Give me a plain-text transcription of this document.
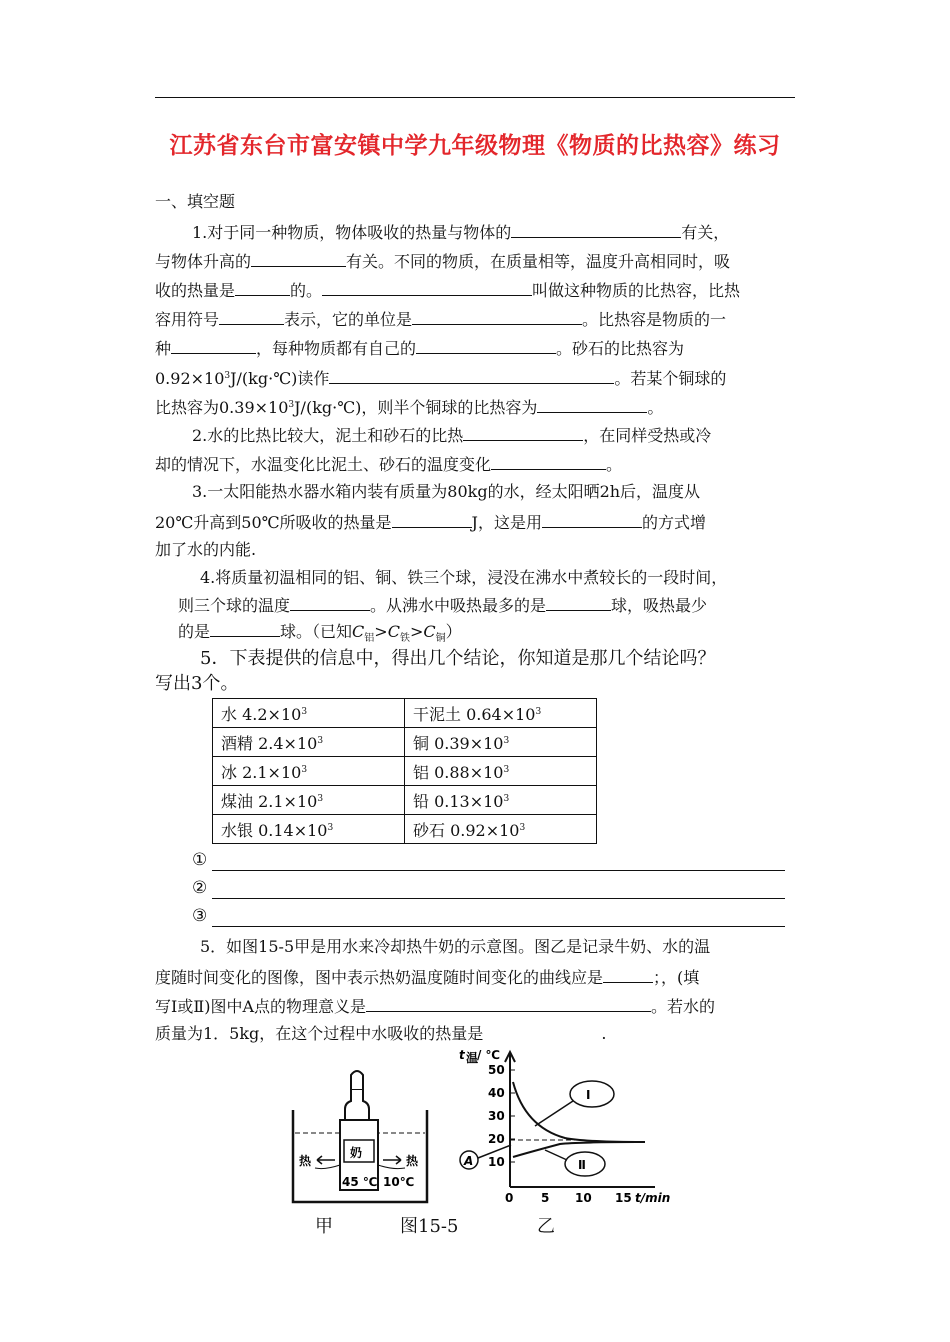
江苏省东台市富安镇中学九年级物理《物质的比热容》练习
一、填空题
1.对于同一种物质，物体吸收的热量与物体的	有关，
与物体升高的	有关。不同的物质，在质量相等，温度升高相同时，吸
收的热量是	的。	叫做这种物质的比热容，比热
容用符号	表示，它的单位是	。比热容是物质的一
种	，每种物质都有自己的	。砂石的比热容为
$0.92\times 10^3J/(kg\cdot℃)$读作	。若某个铜球的
比热容为$0.39\times 10^3J/(kg\cdot℃)$，则半个铜球的比热容为	。
2.水的比热比较大，泥土和砂石的比热	，在同样受热或冷
却的情况下，水温变化比泥土、砂石的温度变化	。
3.一太阳能热水器水箱内装有质量为80kg的水，经太阳晒2h后，温度从
20℃升高到50℃所吸收的热量是	J，这是用	的方式增
加了水的内能.
4.将质量初温相同的铝、铜、铁三个球，浸没在沸水中煮较长的一段时间，
则三个球的温度	。从沸水中吸热最多的是	球，吸热最少
的是	球。（已知$C_铝>C_铁>C_铜$）
5．下表提供的信息中，得出几个结论，你知道是那几个结论吗？
写出3个。
水 $4.2\times 10^3$	干泥土 $0.64\times 10^3$
酒精 $2.4\times 10^3$	铜 $0.39\times 10^3$
冰 $2.1\times 10^3$	铝 $0.88\times 10^3$
煤油 $2.1\times 10^3$	铅 $0.13\times 10^3$
水银 $0.14\times 10^3$	砂石 $0.92\times 10^3$
①
②
③
5．如图15-5甲是用水来冷却热牛奶的示意图。图乙是记录牛奶、水的温
度随时间变化的图像，图中表示热奶温度随时间变化的曲线应是	；，(填
写Ⅰ或Ⅱ)图中A点的物理意义是	。若水的
质量为1．5kg，在这个过程中水吸收的热量是	.
奶
45 ℃ 10℃
热	热
t 温
/ ℃
50
40
30
20
10
0 5 10 15 t/min
Ⅰ
Ⅱ
A
甲	图15-5	乙
